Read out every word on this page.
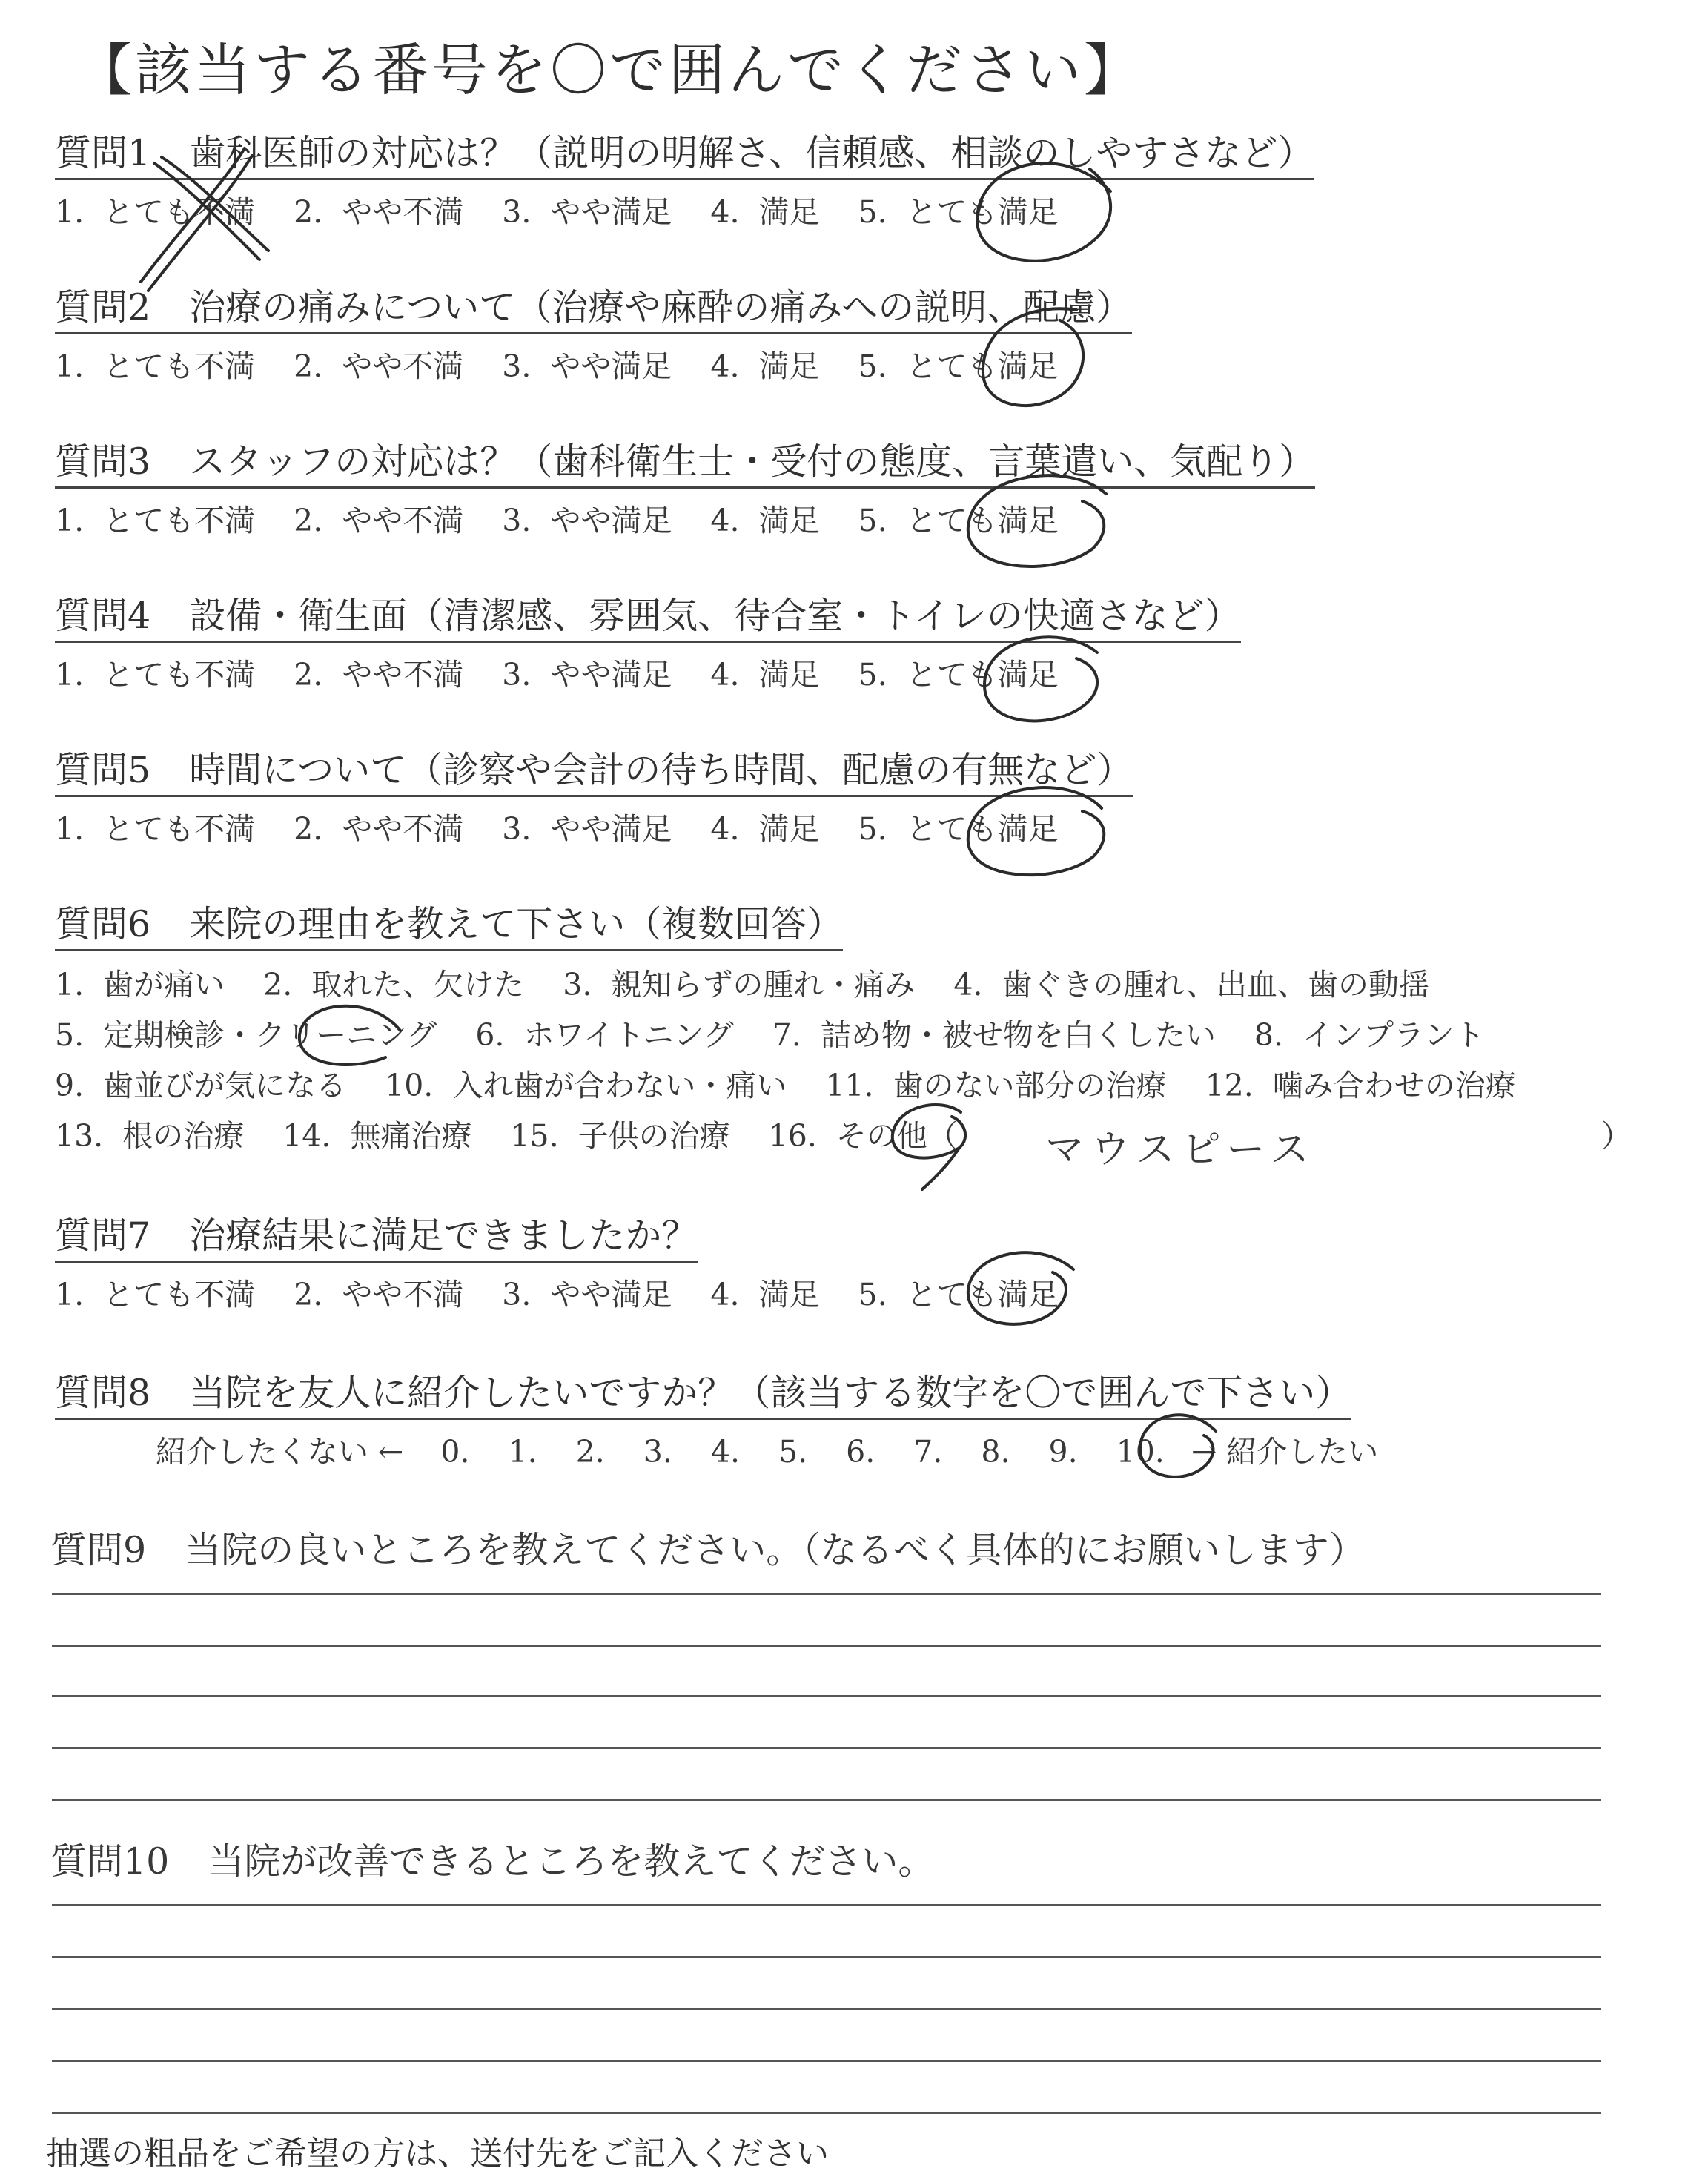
【該当する番号を〇で囲んでください】
質問1 歯科医師の対応は？（説明の明解さ、信頼感、相談のしやすさなど）
1. とても不満 2. やや不満 3. やや満足 4. 満足 5. とても満足
質問2 治療の痛みについて（治療や麻酔の痛みへの説明、配慮）
1. とても不満 2. やや不満 3. やや満足 4. 満足 5. とても満足
質問3 スタッフの対応は？（歯科衛生士・受付の態度、言葉遣い、気配り）
1. とても不満 2. やや不満 3. やや満足 4. 満足 5. とても満足
質問4 設備・衛生面（清潔感、雰囲気、待合室・トイレの快適さなど）
1. とても不満 2. やや不満 3. やや満足 4. 満足 5. とても満足
質問5 時間について（診察や会計の待ち時間、配慮の有無など）
1. とても不満 2. やや不満 3. やや満足 4. 満足 5. とても満足
質問6 来院の理由を教えて下さい（複数回答）
1. 歯が痛い 2. 取れた、欠けた 3. 親知らずの腫れ・痛み 4. 歯ぐきの腫れ、出血、歯の動揺
5. 定期検診・クリーニング 6. ホワイトニング 7. 詰め物・被せ物を白くしたい 8. インプラント
9. 歯並びが気になる 10. 入れ歯が合わない・痛い 11. 歯のない部分の治療 12. 噛み合わせの治療
13. 根の治療 14. 無痛治療 15. 子供の治療 16. その他（	）
マウスピース
質問7 治療結果に満足できましたか？
1. とても不満 2. やや不満 3. やや満足 4. 満足 5. とても満足
質問8 当院を友人に紹介したいですか？（該当する数字を〇で囲んで下さい）
紹介したくない ← 0. 1. 2. 3. 4. 5. 6. 7. 8. 9. 10. → 紹介したい
質問9 当院の良いところを教えてください。（なるべく具体的にお願いします）
質問10 当院が改善できるところを教えてください。
抽選の粗品をご希望の方は、送付先をご記入ください
